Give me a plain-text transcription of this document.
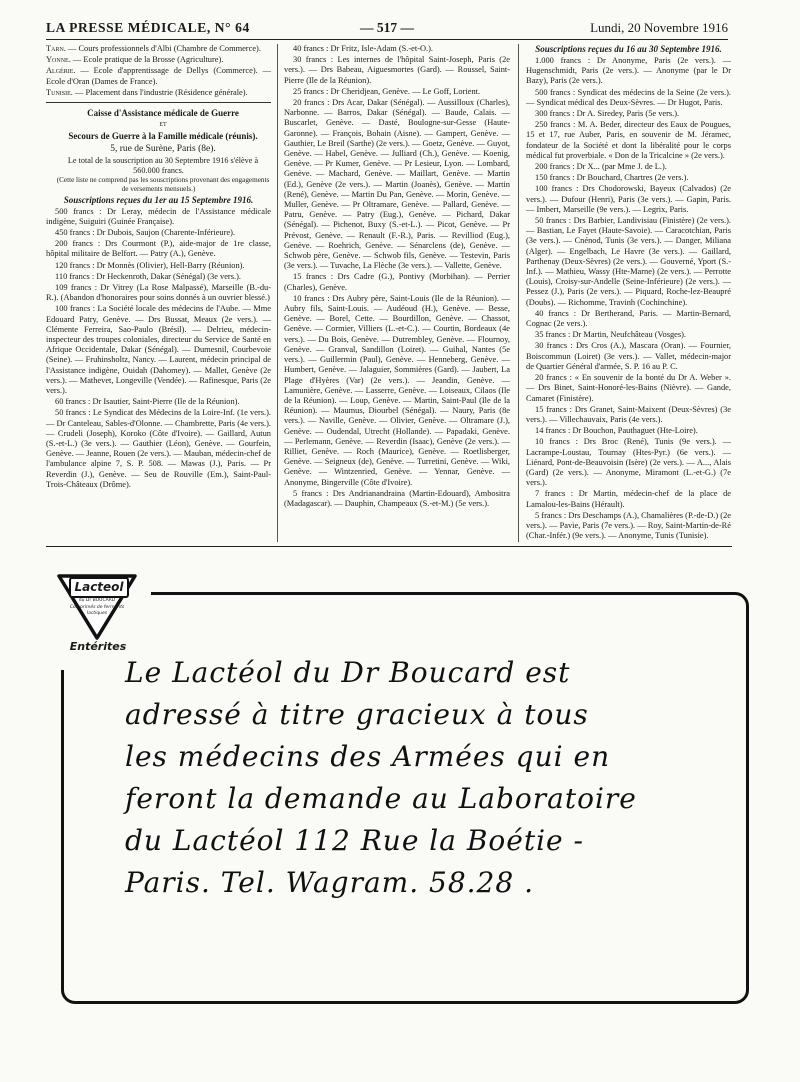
LA PRESSE MÉDICALE, N° 64	— 517 —	Lundi, 20 Novembre 1916

Tarn. — Cours professionnels d'Albi (Chambre de Commerce).

Yonne. — Ecole pratique de la Brosse (Agriculture).

Algérie. — Ecole d'apprentissage de Dellys (Commerce). — Ecole d'Oran (Dames de France).

Tunisie. — Placement dans l'industrie (Résidence générale).

Caisse d'Assistance médicale de Guerre

ET

Secours de Guerre à la Famille médicale (réunis).

5, rue de Surène, Paris (8e).

Le total de la souscription au 30 Septembre 1916 s'élève à 560.000 francs.

(Cette liste ne comprend pas les souscriptions provenant des engagements de versements mensuels.)

Souscriptions reçues du 1er au 15 Septembre 1916.

500 francs : Dr Leray, médecin de l'Assistance médicale indigène, Suiguiri (Guinée Française).

450 francs : Dr Dubois, Saujon (Charente-Inférieure).

200 francs : Drs Courmont (P.), aide-major de 1re classe, hôpital militaire de Belfort. — Patry (A.), Genève.

120 francs : Dr Monnès (Olivier), Hell-Barry (Réunion).

110 francs : Dr Heckenroth, Dakar (Sénégal) (3e vers.).

109 francs : Dr Vitrey (La Rose Malpassé), Marseille (B.-du-R.). (Abandon d'honoraires pour soins donnés à un ouvrier blessé.)

100 francs : La Société locale des médecins de l'Aube. — Mme Edouard Patry, Genève. — Drs Bussat, Meaux (2e vers.). — Clémente Ferreira, Sao-Paulo (Brésil). — Delrieu, médecin-inspecteur des troupes coloniales, directeur du Service de Santé en Afrique Occidentale, Dakar (Sénégal). — Dumesnil, Courbevoie (Seine). — Fruhinsholtz, Nancy. — Laurent, médecin principal de l'Assistance indigène, Ouidah (Dahomey). — Mallet, Genève (2e vers.). — Mathevet, Longeville (Vendée). — Rafinesque, Paris (2e vers.).

60 francs : Dr Isautier, Saint-Pierre (Ile de la Réunion).

50 francs : Le Syndicat des Médecins de la Loire-Inf. (1e vers.). — Dr Canteleau, Sables-d'Olonne. — Chambrette, Paris (4e vers.). — Crudeli (Joseph), Koroko (Côte d'Ivoire). — Gaillard, Autun (S.-et-L.) (3e vers.). — Gauthier (Léon), Genève. — Gourfein, Genève. — Jeanne, Rouen (2e vers.). — Mauban, médecin-chef de l'ambulance alpine 7, S. P. 508. — Mawas (J.), Paris. — Pr Reverdin (J.), Genève. — Seu de Rouville (Em.), Saint-Paul-Trois-Châteaux (Drôme).

40 francs : Dr Fritz, Isle-Adam (S.-et-O.).

30 francs : Les internes de l'hôpital Saint-Joseph, Paris (2e vers.). — Drs Babeau, Aiguesmortes (Gard). — Roussel, Saint-Pierre (Ile de la Réunion).

25 francs : Dr Cheridjean, Genève. — Le Goff, Lorient.

20 francs : Drs Acar, Dakar (Sénégal). — Aussilloux (Charles), Narbonne. — Barros, Dakar (Sénégal). — Baude, Calais. — Buscarlet, Genève. — Dasté, Boulogne-sur-Gesse (Haute-Garonne). — François, Bohain (Aisne). — Gampert, Genève. — Gauthier, Le Breil (Sarthe) (2e vers.). — Goetz, Genève. — Guyot, Genève. — Habel, Genève. — Julliard (Ch.), Genève. — Koenig, Genève. — Pr Kumer, Genève. — Pr Lesieur, Lyon. — Lombard, Genève. — Machard, Genève. — Maillart, Genève. — Martin (Ed.), Genève (2e vers.). — Martin (Joanès), Genève. — Martin (René), Genève. — Martin Du Pan, Genève. — Morin, Genève. — Muller, Genève. — Pr Oltramare, Genève. — Pallard, Genève. — Patru, Genève. — Patry (Eug.), Genève. — Pichard, Dakar (Sénégal). — Pichenot, Buxy (S.-et-L.). — Picot, Genève. — Pr Prévost, Genève. — Renault (F.-R.), Paris. — Revilliod (Eug.), Genève. — Roehrich, Genève. — Sénarclens (de), Genève. — Schwob père, Genève. — Schwob fils, Genève. — Testevin, Paris (3e vers.). — Tuvache, La Flèche (3e vers.). — Vallette, Genève.

15 francs : Drs Cadre (G.), Pontivy (Morbihan). — Perrier (Charles), Genève.

10 francs : Drs Aubry père, Saint-Louis (Ile de la Réunion). — Aubry fils, Saint-Louis. — Audéoud (H.), Genève. — Besse, Genève. — Borel, Cette. — Bourdillon, Genève. — Chassot, Genève. — Cormier, Villiers (L.-et-C.). — Courtin, Bordeaux (4e vers.). — Du Bois, Genève. — Dutrembley, Genève. — Flournoy, Genève. — Granval, Sandillon (Loiret). — Guihal, Nantes (5e vers.). — Guillermin (Paul), Genève. — Henneberg, Genève. — Humbert, Genève. — Jalaguier, Sommières (Gard). — Jaubert, La Plage d'Hyères (Var) (2e vers.). — Jeandin, Genève. — Lamunière, Genève. — Lasserre, Genève. — Loiseaux, Cilaos (Ile de la Réunion). — Loup, Genève. — Martin, Saint-Paul (Ile de la Réunion). — Maumus, Diourbel (Sénégal). — Naury, Paris (8e vers.). — Naville, Genève. — Olivier, Genève. — Oltramare (J.), Genève. — Oudendal, Utrecht (Hollande). — Papadaki, Genève. — Perlemann, Genève. — Reverdin (Isaac), Genève (2e vers.). — Rilliet, Genève. — Roch (Maurice), Genève. — Roetlisberger, Genève. — Seigneux (de), Genève. — Turretini, Genève. — Wiki, Genève. — Wintzenried, Genève. — Yennar, Genève. — Anonyme, Bingerville (Côte d'Ivoire).

5 francs : Drs Andrianandraina (Martin-Edouard), Ambositra (Madagascar). — Dauphin, Champeaux (S.-et-M.) (5e vers.).

Souscriptions reçues du 16 au 30 Septembre 1916.

1.000 francs : Dr Anonyme, Paris (2e vers.). — Hugenschmidt, Paris (2e vers.). — Anonyme (par le Dr Bazy), Paris (2e vers.).

500 francs : Syndicat des médecins de la Seine (2e vers.). — Syndicat médical des Deux-Sèvres. — Dr Hugot, Paris.

300 francs : Dr A. Siredey, Paris (5e vers.).

250 francs : M. A. Beder, directeur des Eaux de Pougues, 15 et 17, rue Auber, Paris, en souvenir de M. Jéramec, fondateur de la Société et dont la libéralité pour le corps médical fut proverbiale. « Don de la Tricalcine » (2e vers.).

200 francs : Dr X... (par Mme J. de L.).

150 francs : Dr Bouchard, Chartres (2e vers.).

100 francs : Drs Chodorowski, Bayeux (Calvados) (2e vers.). — Dufour (Henri), Paris (3e vers.). — Gapin, Paris. — Imbert, Marseille (9e vers.). — Legrix, Paris.

50 francs : Drs Barbier, Landivisiau (Finistère) (2e vers.). — Bastian, Le Fayet (Haute-Savoie). — Caracotchian, Paris (3e vers.). — Cnénod, Tunis (3e vers.). — Danger, Miliana (Alger). — Engelbach, Le Havre (3e vers.). — Gaillard, Parthenay (Deux-Sèvres) (2e vers.). — Gouverné, Yport (S.-Inf.). — Mathieu, Wassy (Hte-Marne) (2e vers.). — Perrotte (Louis), Croisy-sur-Andelle (Seine-Inférieure) (2e vers.). — Pessez (J.), Paris (2e vers.). — Piquard, Roche-lez-Beaupré (Doubs). — Richomme, Travinh (Cochinchine).

40 francs : Dr Bertherand, Paris. — Martin-Bernard, Cognac (2e vers.).

35 francs : Dr Martin, Neufchâteau (Vosges).

30 francs : Drs Cros (A.), Mascara (Oran). — Fournier, Boiscommun (Loiret) (3e vers.). — Vallet, médecin-major de Quartier Général d'armée, S. P. 16 au P. C.

20 francs : « En souvenir de la bonté du Dr A. Weber ». — Drs Binet, Saint-Honoré-les-Bains (Nièvre). — Gande, Camaret (Finistère).

15 francs : Drs Granet, Saint-Maixent (Deux-Sèvres) (3e vers.). — Villechauvaix, Paris (4e vers.).

14 francs : Dr Bouchon, Pauthaguet (Hte-Loire).

10 francs : Drs Broc (René), Tunis (9e vers.). — Lacrampe-Loustau, Tournay (Htes-Pyr.) (6e vers.). — Liénard, Pont-de-Beauvoisin (Isère) (2e vers.). — A..., Alais (Gard) (2e vers.). — Anonyme, Miramont (L.-et-G.) (7e vers.).

7 francs : Dr Martin, médecin-chef de la place de Lamalou-les-Bains (Hérault).

5 francs : Drs Deschamps (A.), Chamalières (P.-de-D.) (2e vers.). — Pavie, Paris (7e vers.). — Roy, Saint-Martin-de-Ré (Char.-Infér.) (9e vers.). — Anonyme, Tunis (Tunisie).

Lacteol
du Dr BOUCARD
Comprimés de ferments lactiques
Entérites
Le Lactéol du Dr Boucard est
adressé à titre gracieux à tous
les médecins des Armées qui en
feront la demande au Laboratoire
du Lactéol 112 Rue la Boétie -
Paris. Tel. Wagram. 58.28 .
